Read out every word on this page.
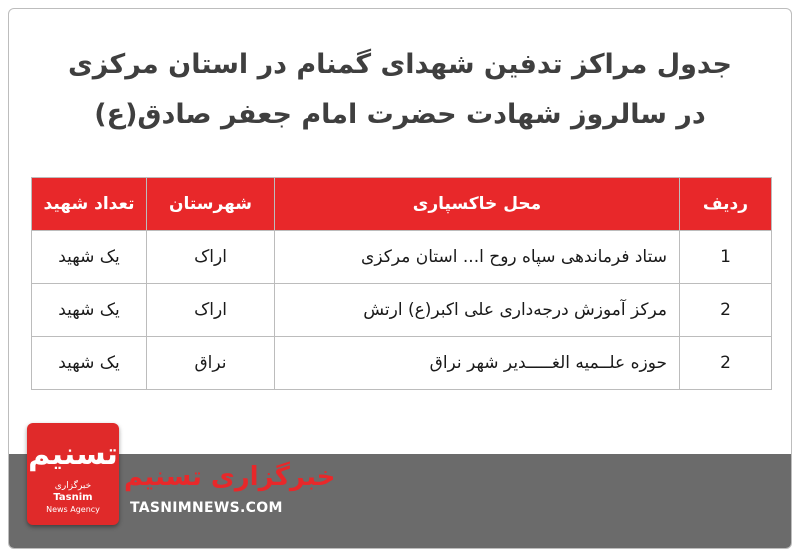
جدول مراکز تدفین شهدای گمنام در استان مرکزی
در سالروز شهادت حضرت امام جعفر صادق(ع)
ردیف	محل خاکسپاری	شهرستان	تعداد شهید
1	ستاد فرماندهی سپاه روح ا... استان مرکزی	اراک	یک شهید
2	مرکز آموزش درجه‌داری علی اکبر(ع) ارتش	اراک	یک شهید
2	حوزه علــمیه الغـــــدیر شهر نراق	نراق	یک شهید
تسنیم
خبرگزاری
Tasnim
News Agency
خبرگزاری تسنیم
TASNIMNEWS.COM
